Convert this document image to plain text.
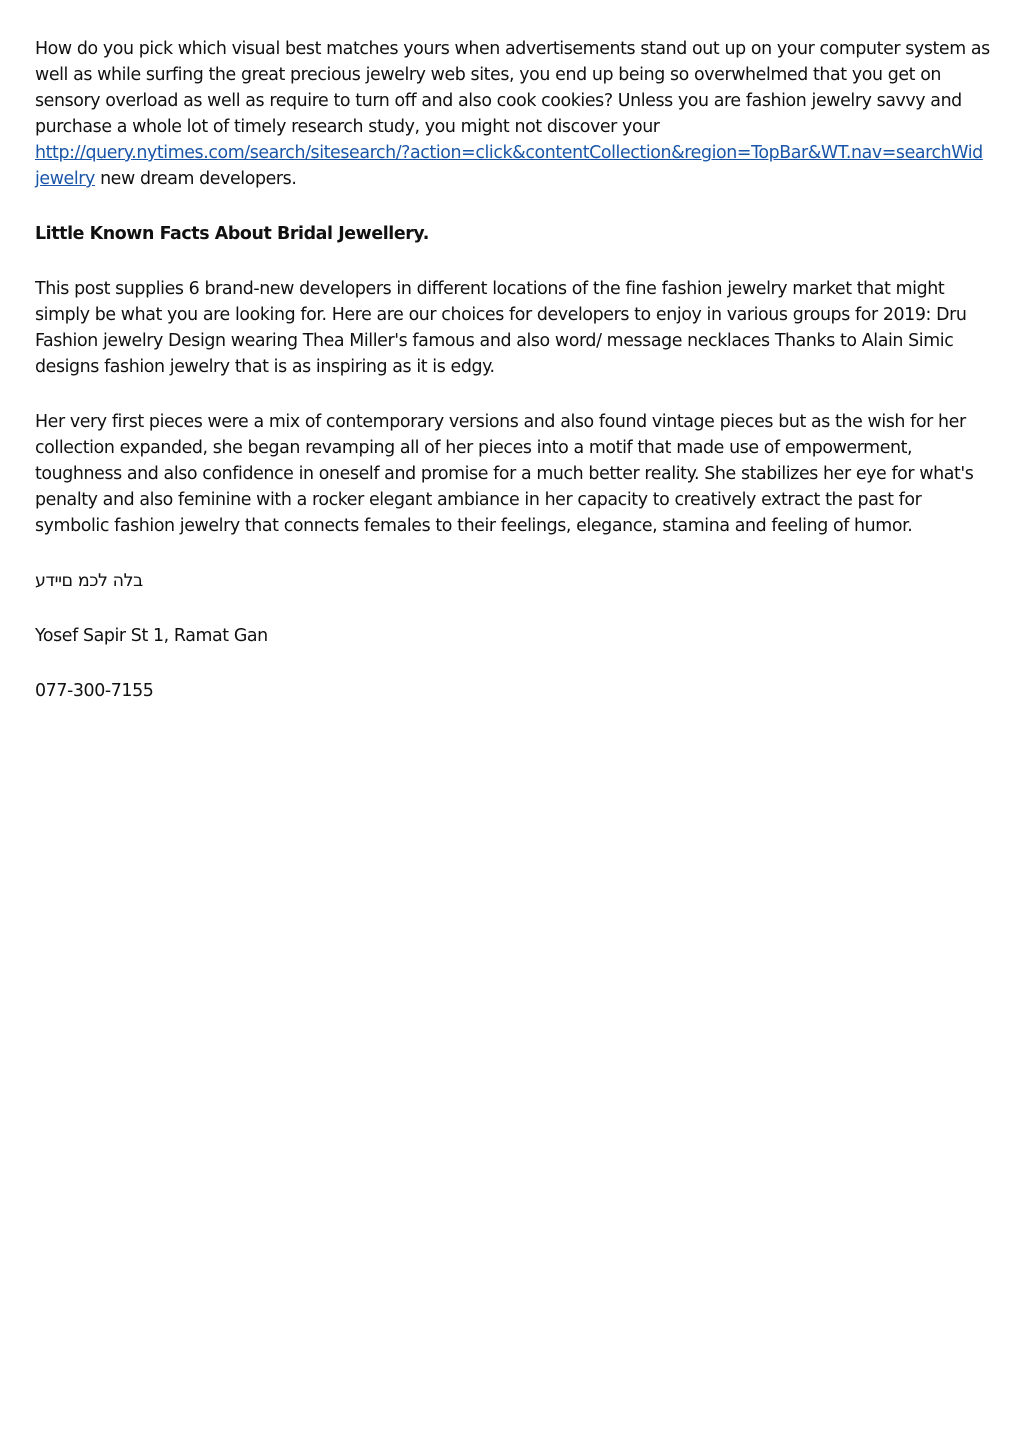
How do you pick which visual best matches yours when advertisements stand out up on your computer system as well as while surfing the great precious jewelry web sites, you end up being so overwhelmed that you get on sensory overload as well as require to turn off and also cook cookies? Unless you are fashion jewelry savvy and purchase a whole lot of timely research study, you might not discover your
http://query.nytimes.com/search/sitesearch/?action=click&contentCollection&region=TopBar&WT.nav=searchWid
jewelry new dream developers.

Little Known Facts About Bridal Jewellery.

This post supplies 6 brand-new developers in different locations of the fine fashion jewelry market that might simply be what you are looking for. Here are our choices for developers to enjoy in various groups for 2019: Dru Fashion jewelry Design wearing Thea Miller's famous and also word/ message necklaces Thanks to Alain Simic designs fashion jewelry that is as inspiring as it is edgy.

Her very first pieces were a mix of contemporary versions and also found vintage pieces but as the wish for her collection expanded, she began revamping all of her pieces into a motif that made use of empowerment, toughness and also confidence in oneself and promise for a much better reality. She stabilizes her eye for what's penalty and also feminine with a rocker elegant ambiance in her capacity to creatively extract the past for symbolic fashion jewelry that connects females to their feelings, elegance, stamina and feeling of humor.

בלה לכמ םיידע

Yosef Sapir St 1, Ramat Gan

077-300-7155
